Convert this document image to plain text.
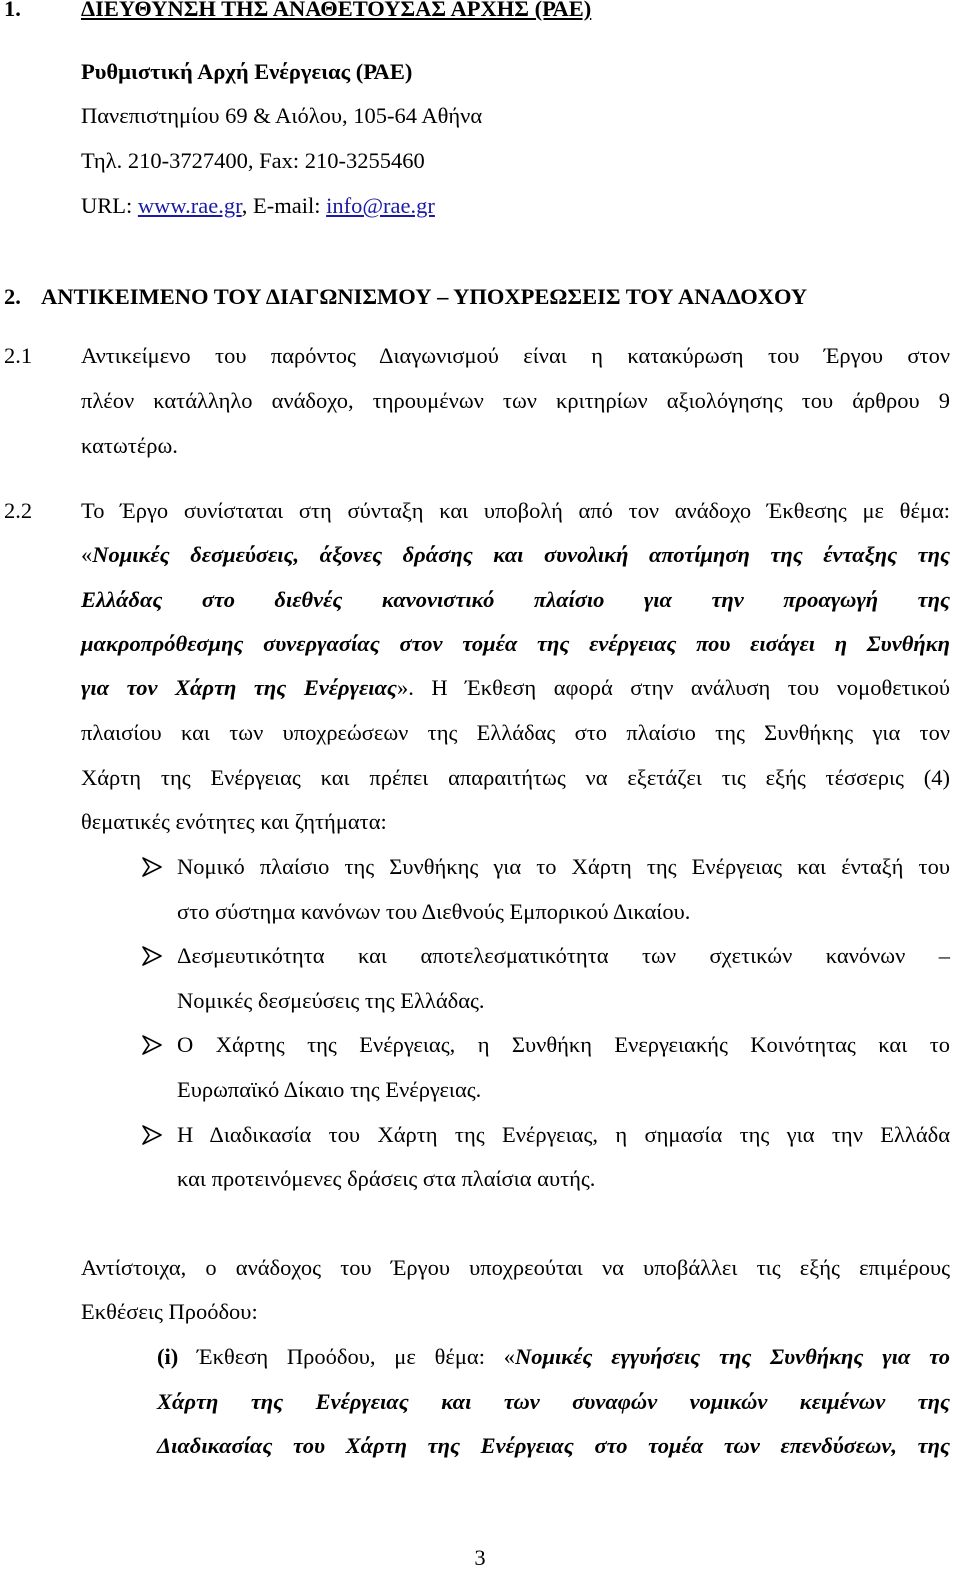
1.	ΔΙΕΥΘΥΝΣΗ ΤΗΣ ΑΝΑΘΕΤΟΥΣΑΣ ΑΡΧΗΣ (ΡΑΕ)
Ρυθμιστική Αρχή Ενέργειας (ΡΑΕ)
Πανεπιστημίου 69 & Αιόλου, 105-64 Αθήνα
Τηλ. 210-3727400, Fax: 210-3255460
URL: www.rae.gr, E-mail: info@rae.gr
2. ΑΝΤΙΚΕΙΜΕΝΟ ΤΟΥ ΔΙΑΓΩΝΙΣΜΟΥ – ΥΠΟΧΡΕΩΣΕΙΣ ΤΟΥ ΑΝΑΔΟΧΟΥ
2.1 Αντικείμενο του παρόντος Διαγωνισμού είναι η κατακύρωση του Έργου στον
πλέον κατάλληλο ανάδοχο, τηρουμένων των κριτηρίων αξιολόγησης του άρθρου 9
κατωτέρω.
2.2 Το Έργο συνίσταται στη σύνταξη και υποβολή από τον ανάδοχο Έκθεσης με θέμα:
«Νομικές δεσμεύσεις, άξονες δράσης και συνολική αποτίμηση της ένταξης της
Ελλάδας στο διεθνές κανονιστικό πλαίσιο για την προαγωγή της
μακροπρόθεσμης συνεργασίας στον τομέα της ενέργειας που εισάγει η Συνθήκη
για τον Χάρτη της Ενέργειας». Η Έκθεση αφορά στην ανάλυση του νομοθετικού
πλαισίου και των υποχρεώσεων της Ελλάδας στο πλαίσιο της Συνθήκης για τον
Χάρτη της Ενέργειας και πρέπει απαραιτήτως να εξετάζει τις εξής τέσσερις (4)
θεματικές ενότητες και ζητήματα:
Νομικό πλαίσιο της Συνθήκης για το Χάρτη της Ενέργειας και ένταξή του
στο σύστημα κανόνων του Διεθνούς Εμπορικού Δικαίου.
Δεσμευτικότητα και αποτελεσματικότητα των σχετικών κανόνων –
Νομικές δεσμεύσεις της Ελλάδας.
Ο Χάρτης της Ενέργειας, η Συνθήκη Ενεργειακής Κοινότητας και το
Ευρωπαϊκό Δίκαιο της Ενέργειας.
Η Διαδικασία του Χάρτη της Ενέργειας, η σημασία της για την Ελλάδα
και προτεινόμενες δράσεις στα πλαίσια αυτής.
Αντίστοιχα, ο ανάδοχος του Έργου υποχρεούται να υποβάλλει τις εξής επιμέρους
Εκθέσεις Προόδου:
(i) Έκθεση Προόδου, με θέμα: «Νομικές εγγυήσεις της Συνθήκης για το
Χάρτη της Ενέργειας και των συναφών νομικών κειμένων της
Διαδικασίας του Χάρτη της Ενέργειας στο τομέα των επενδύσεων, της
3
